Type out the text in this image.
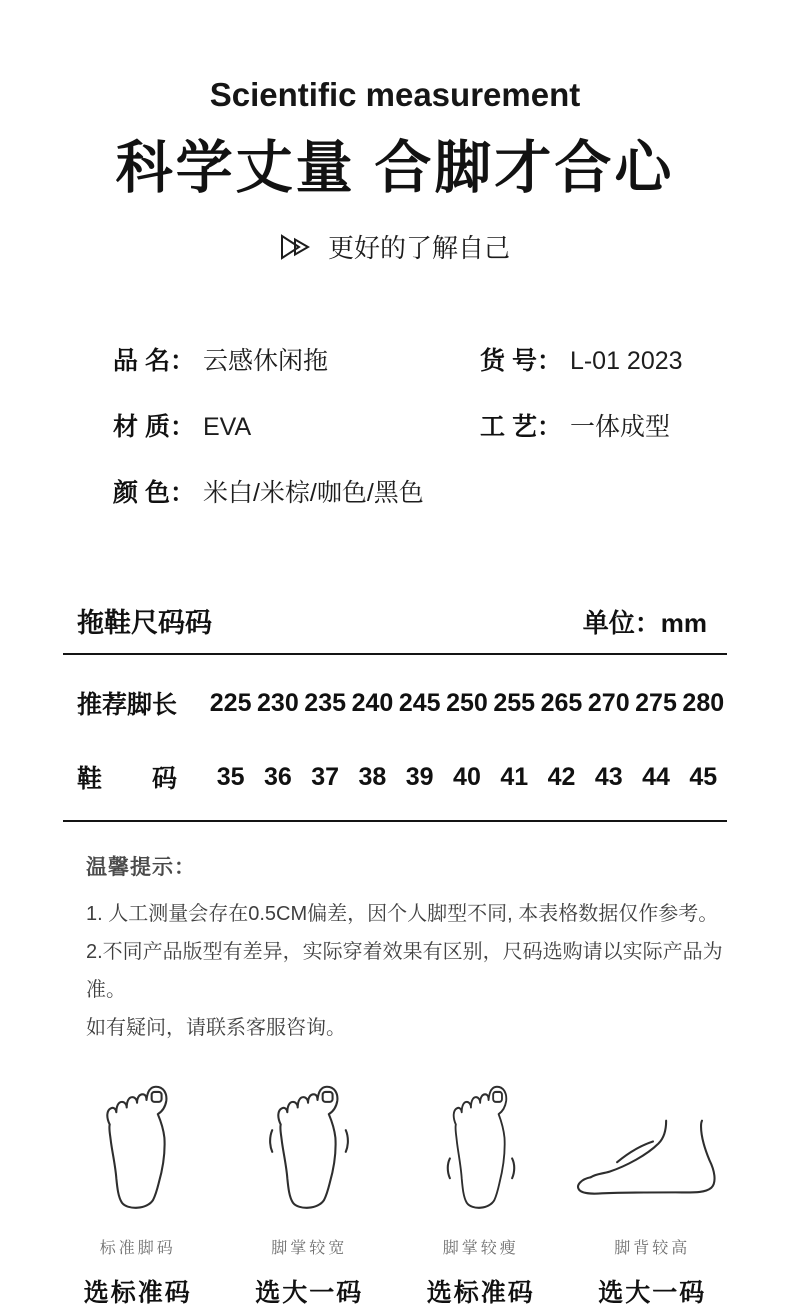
Scientific measurement
科学丈量 合脚才合心
更好的了解自己
品 名： 云感休闲拖	货 号： L-01 2023
材 质： EVA	工 艺： 一体成型
颜 色： 米白/米棕/咖色/黑色
拖鞋尺码码	单位：mm
推荐脚长	225 230 235 240 245 250 255 265 270 275 280
鞋　　码	35 36 37 38 39 40 41 42 43 44 45
温馨提示：
1. 人工测量会存在0.5CM偏差，因个人脚型不同, 本表格数据仅作参考。
2.不同产品版型有差异，实际穿着效果有区别，尺码选购请以实际产品为准。
如有疑问，请联系客服咨询。
标准脚码
选标准码
脚掌较宽
选大一码
脚掌较瘦
选标准码
脚背较高
选大一码
